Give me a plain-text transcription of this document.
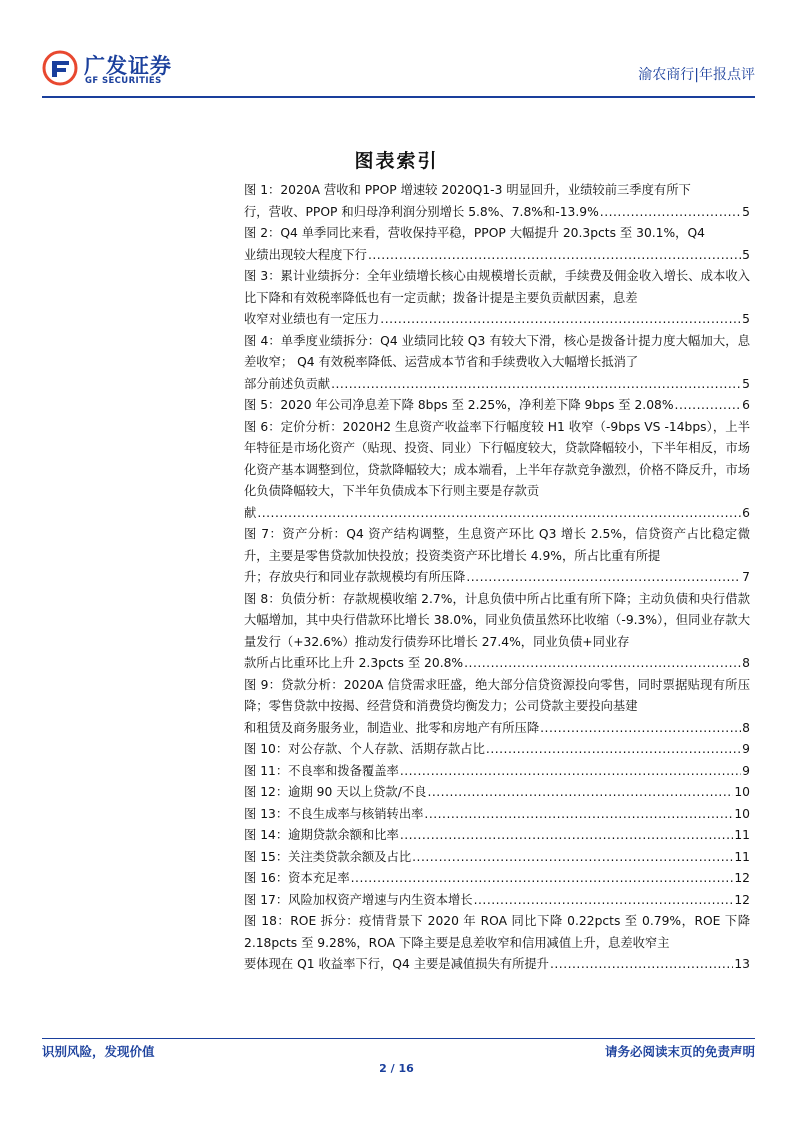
广发证券
GF SECURITIES	渝农商行|年报点评
图表索引
图 1：2020A 营收和 PPOP 增速较 2020Q1-3 明显回升，业绩较前三季度有所下
行，营收、PPOP 和归母净利润分别增长 5.8%、7.8%和-13.9% .....	5
图 2：Q4 单季同比来看，营收保持平稳，PPOP 大幅提升 20.3pcts 至 30.1%，Q4
业绩出现较大程度下行 .....	5
图 3：累计业绩拆分：全年业绩增长核心由规模增长贡献，手续费及佣金收入增长、成本收入比下降和有效税率降低也有一定贡献；拨备计提是主要负贡献因素，息差
收窄对业绩也有一定压力 .....	5
图 4：单季度业绩拆分：Q4 业绩同比较 Q3 有较大下滑，核心是拨备计提力度大幅加大，息差收窄； Q4 有效税率降低、运营成本节省和手续费收入大幅增长抵消了
部分前述负贡献 .....	5
图 5：2020 年公司净息差下降 8bps 至 2.25%，净利差下降 9bps 至 2.08% .....	6
图 6：定价分析：2020H2 生息资产收益率下行幅度较 H1 收窄（-9bps VS -14bps），上半年特征是市场化资产（贴现、投资、同业）下行幅度较大，贷款降幅较小，下半年相反，市场化资产基本调整到位，贷款降幅较大；成本端看，上半年存款竞争激烈，价格不降反升，市场化负债降幅较大，下半年负债成本下行则主要是存款贡
献 .....	6
图 7：资产分析：Q4 资产结构调整，生息资产环比 Q3 增长 2.5%，信贷资产占比稳定微升，主要是零售贷款加快投放；投资类资产环比增长 4.9%，所占比重有所提
升；存放央行和同业存款规模均有所压降 .....	7
图 8：负债分析：存款规模收缩 2.7%，计息负债中所占比重有所下降；主动负债和央行借款大幅增加，其中央行借款环比增长 38.0%，同业负债虽然环比收缩（-9.3%），但同业存款大量发行（+32.6%）推动发行债券环比增长 27.4%，同业负债+同业存
款所占比重环比上升 2.3pcts 至 20.8% .....	8
图 9：贷款分析：2020A 信贷需求旺盛，绝大部分信贷资源投向零售，同时票据贴现有所压降；零售贷款中按揭、经营贷和消费贷均衡发力；公司贷款主要投向基建
和租赁及商务服务业，制造业、批零和房地产有所压降 .....	8
图 10：对公存款、个人存款、活期存款占比 .....	9
图 11：不良率和拨备覆盖率 .....	9
图 12：逾期 90 天以上贷款/不良 .....	10
图 13：不良生成率与核销转出率 .....	10
图 14：逾期贷款余额和比率 .....	11
图 15：关注类贷款余额及占比 .....	11
图 16：资本充足率 .....	12
图 17：风险加权资产增速与内生资本增长 .....	12
图 18：ROE 拆分：疫情背景下 2020 年 ROA 同比下降 0.22pcts 至 0.79%，ROE 下降 2.18pcts 至 9.28%，ROA 下降主要是息差收窄和信用减值上升，息差收窄主
要体现在 Q1 收益率下行，Q4 主要是减值损失有所提升 .....	13
识别风险，发现价值	请务必阅读末页的免责声明
2 / 16
